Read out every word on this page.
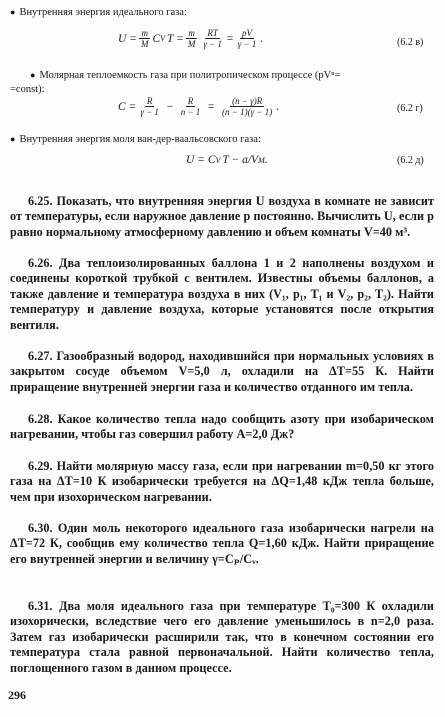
● Внутренняя энергия идеального газа:
$U = \frac{m}{M}$ C V $T = \frac{m}{M} \frac{RT}{\gamma - 1} = \frac{pV}{\gamma - 1}$ .	(6.2 в)
● Молярная теплоемкость газа при политропическом процессе (pVⁿ=
=const):
$C = \frac{R}{\gamma - 1} - \frac{R}{n - 1} = \frac{(n - \gamma)R}{(n - 1)(\gamma - 1)}$ .	(6.2 г)
● Внутренняя энергия моля ван-дер-ваальсовского газа:
U = C V T − a/V M .	(6.2 д)
6.25. Показать, что внутренняя энергия U воздуха в комнате не зависит от температуры, если наружное давление p постоянно. Вычислить U, если p равно нормальному атмосферному давлению и объем комнаты V=40 м³.
6.26. Два теплоизолированных баллона 1 и 2 наполнены воздухом и соединены короткой трубкой с вентилем. Известны объемы баллонов, а также давление и температура воздуха в них (V₁, p₁, T₁ и V₂, p₂, T₂). Найти температуру и давление воздуха, которые установятся после открытия вентиля.
6.27. Газообразный водород, находившийся при нормальных условиях в закрытом сосуде объемом V=5,0 л, охладили на ΔT=55 К. Найти приращение внутренней энергии газа и количество отданного им тепла.
6.28. Какое количество тепла надо сообщить азоту при изобарическом нагревании, чтобы газ совершил работу A=2,0 Дж?
6.29. Найти молярную массу газа, если при нагревании m=0,50 кг этого газа на ΔT=10 К изобарически требуется на ΔQ=1,48 кДж тепла больше, чем при изохорическом нагревании.
6.30. Один моль некоторого идеального газа изобарически нагрели на ΔT=72 К, сообщив ему количество тепла Q=1,60 кДж. Найти приращение его внутренней энергии и величину γ=Cₚ/Cᵥ.
6.31. Два моля идеального газа при температуре T₀=300 К охладили изохорически, вследствие чего его давление уменьшилось в n=2,0 раза. Затем газ изобарически расширили так, что в конечном состоянии его температура стала равной первоначальной. Найти количество тепла, поглощенного газом в данном процессе.
296
